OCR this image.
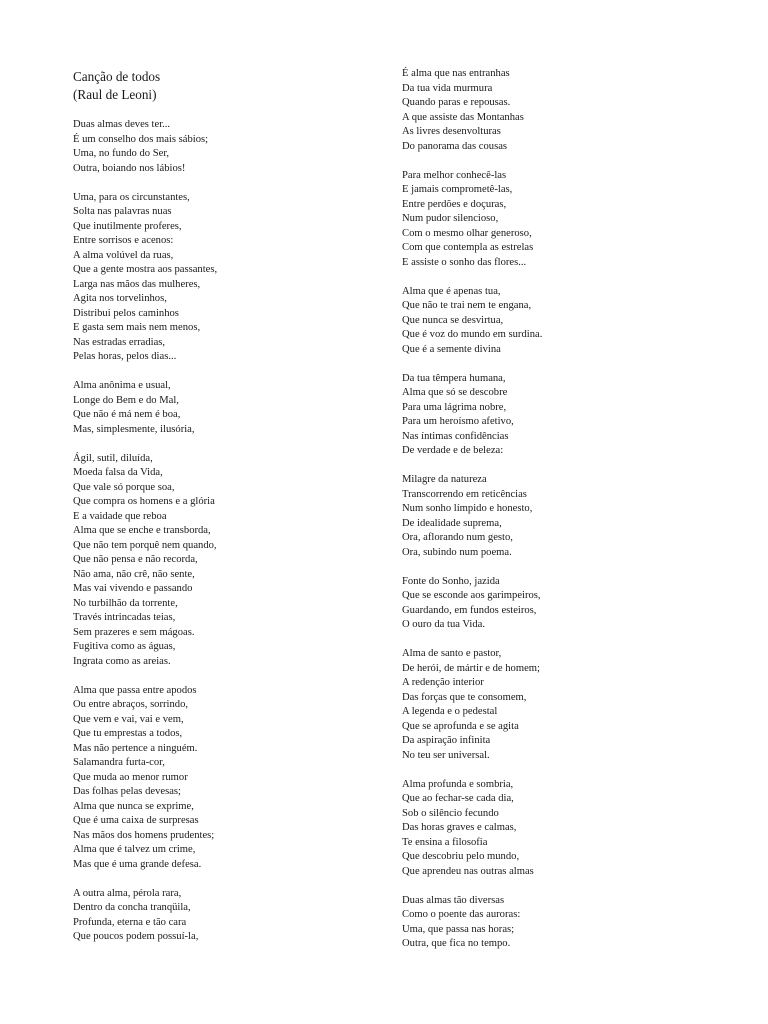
Canção de todos
(Raul de Leoni)
Duas almas deves ter...
É um conselho dos mais sábios;
Uma, no fundo do Ser,
Outra, boiando nos lábios!
Uma, para os circunstantes,
Solta nas palavras nuas
Que inutilmente proferes,
Entre sorrisos e acenos:
A alma volúvel da ruas,
Que a gente mostra aos passantes,
Larga nas mãos das mulheres,
Agita nos torvelinhos,
Distribui pelos caminhos
E gasta sem mais nem menos,
Nas estradas erradias,
Pelas horas, pelos dias...
Alma anônima e usual,
Longe do Bem e do Mal,
Que não é má nem é boa,
Mas, simplesmente, ilusória,
Ágil, sutil, diluída,
Moeda falsa da Vida,
Que vale só porque soa,
Que compra os homens e a glória
E a vaidade que reboa
Alma que se enche e transborda,
Que não tem porquê nem quando,
Que não pensa e não recorda,
Não ama, não crê, não sente,
Mas vai vivendo e passando
No turbilhão da torrente,
Través intrincadas teias,
Sem prazeres e sem mágoas.
Fugitiva como as águas,
Ingrata como as areias.
Alma que passa entre apodos
Ou entre abraços, sorrindo,
Que vem e vai, vai e vem,
Que tu emprestas a todos,
Mas não pertence a ninguém.
Salamandra furta-cor,
Que muda ao menor rumor
Das folhas pelas devesas;
Alma que nunca se exprime,
Que é uma caixa de surpresas
Nas mãos dos homens prudentes;
Alma que é talvez um crime,
Mas que é uma grande defesa.
A outra alma, pérola rara,
Dentro da concha tranqüila,
Profunda, eterna e tão cara
Que poucos podem possuí-la,
É alma que nas entranhas
Da tua vida murmura
Quando paras e repousas.
A que assiste das Montanhas
As livres desenvolturas
Do panorama das cousas
Para melhor conhecê-las
E jamais comprometê-las,
Entre perdões e doçuras,
Num pudor silencioso,
Com o mesmo olhar generoso,
Com que contempla as estrelas
E assiste o sonho das flores...
Alma que é apenas tua,
Que não te trai nem te engana,
Que nunca se desvirtua,
Que é voz do mundo em surdina.
Que é a semente divina
Da tua têmpera humana,
Alma que só se descobre
Para uma lágrima nobre,
Para um heroísmo afetivo,
Nas íntimas confidências
De verdade e de beleza:
Milagre da natureza
Transcorrendo em reticências
Num sonho límpido e honesto,
De idealidade suprema,
Ora, aflorando num gesto,
Ora, subindo num poema.
Fonte do Sonho, jazida
Que se esconde aos garimpeiros,
Guardando, em fundos esteiros,
O ouro da tua Vida.
Alma de santo e pastor,
De herói, de mártir e de homem;
A redenção interior
Das forças que te consomem,
A legenda e o pedestal
Que se aprofunda e se agita
Da aspiração infinita
No teu ser universal.
Alma profunda e sombria,
Que ao fechar-se cada dia,
Sob o silêncio fecundo
Das horas graves e calmas,
Te ensina a filosofia
Que descobriu pelo mundo,
Que aprendeu nas outras almas
Duas almas tão diversas
Como o poente das auroras:
Uma, que passa nas horas;
Outra, que fica no tempo.
